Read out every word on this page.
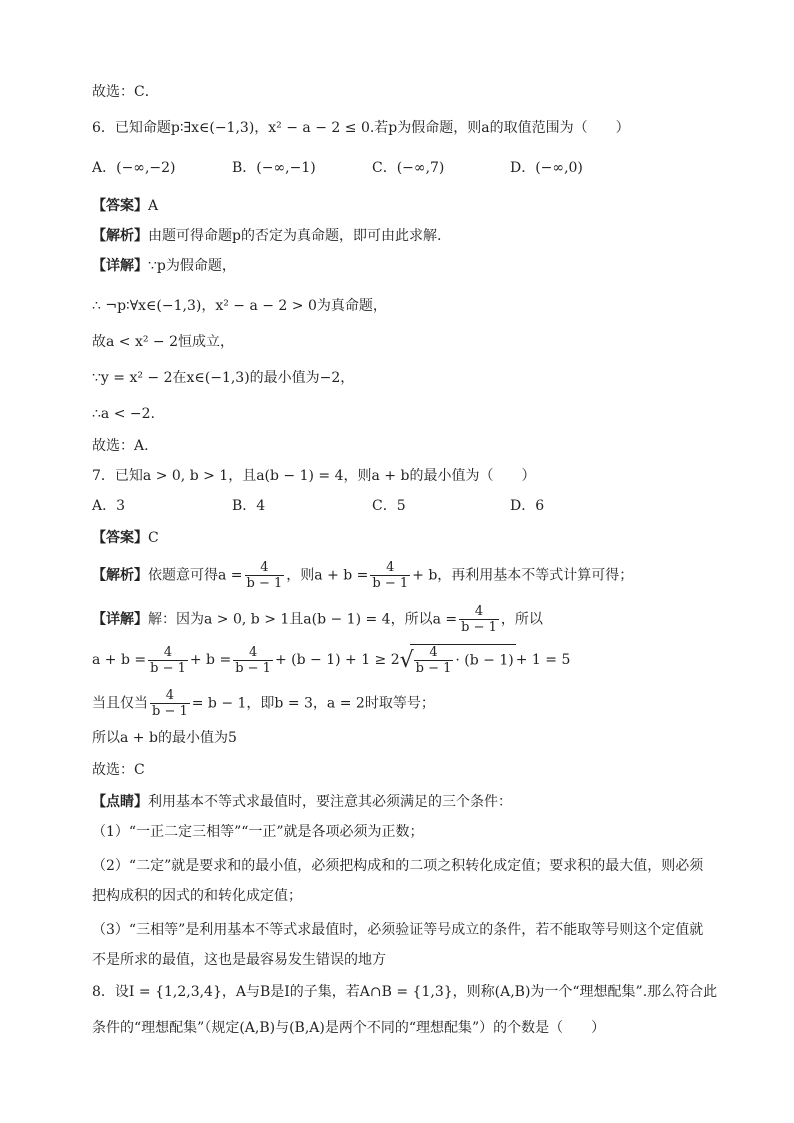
故选：C．
6．已知命题p∶∃x∈(−1,3)，x² − a − 2 ≤ 0.若p为假命题，则a的取值范围为（　　）
A．(−∞,−2)	B．(−∞,−1)	C．(−∞,7)	D．(−∞,0)
【答案】A
【解析】由题可得命题p的否定为真命题，即可由此求解.
【详解】∵p为假命题，
∴ ¬p∶∀x∈(−1,3)，x² − a − 2 > 0为真命题，
故a < x² − 2恒成立，
∵y = x² − 2在x∈(−1,3)的最小值为−2，
∴a < −2.
故选：A.
7．已知a > 0, b > 1，且a(b − 1) = 4，则a + b的最小值为（　　）
A．3	B．4	C．5	D．6
【答案】C
【解析】依题意可得$a = \frac{4}{b - 1}$ ，则$a + b = \frac{4}{b - 1} + b$，再利用基本不等式计算可得；
【详解】解：因为a > 0, b > 1且a(b − 1) = 4，所以$a = \frac{4}{b - 1}$ ，所以
$a + b = \frac{4}{b - 1} + b = \frac{4}{b - 1} + (b - 1) + 1 \ge 2$ √ $\frac{4}{b - 1} \cdot (b - 1) + 1 = 5$
当且仅当 $\frac{4}{b - 1} = b - 1$，即b = 3，a = 2时取等号；
所以a + b的最小值为5
故选：C
【点睛】利用基本不等式求最值时，要注意其必须满足的三个条件：
（1）“一正二定三相等”“一正”就是各项必须为正数；
（2）“二定”就是要求和的最小值，必须把构成和的二项之积转化成定值；要求积的最大值，则必须
把构成积的因式的和转化成定值；
（3）“三相等”是利用基本不等式求最值时，必须验证等号成立的条件，若不能取等号则这个定值就
不是所求的最值，这也是最容易发生错误的地方
8．设I = {1,2,3,4}，A与B是I的子集，若A∩B = {1,3}，则称(A,B)为一个“理想配集”.那么符合此
条件的“理想配集”（规定(A,B)与(B,A)是两个不同的“理想配集”）的个数是（　　）
